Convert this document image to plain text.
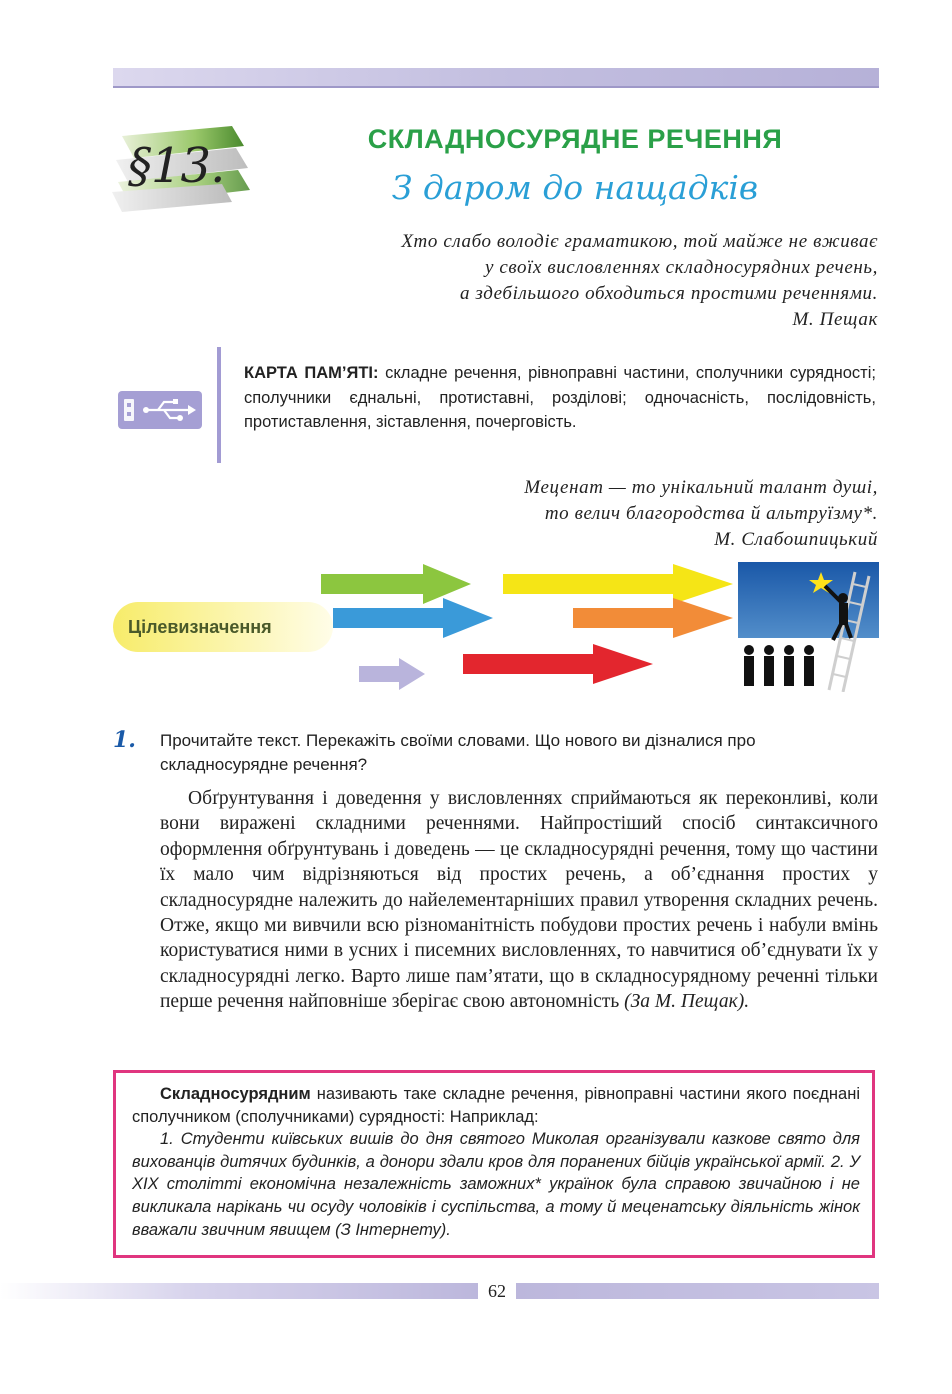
§13.	СКЛАДНОСУРЯДНЕ РЕЧЕННЯ
З даром до нащадків
Хто слабо володіє граматикою, той майже не вживає
у своїх висловленнях складносурядних речень,
а здебільшого обходиться простими реченнями.
М. Пещак
КАРТА ПАМ’ЯТІ: складне речення, рівноправні частини, сполучники сурядності; сполучники єднальні, протиставні, розділові; одночасність, послідовність, протиставлення, зіставлення, почерговість.
Меценат — то унікальний талант душі,
то велич благородства й альтруїзму*.
М. Слабошпицький
Цілевизначення
1. Прочитайте текст. Перекажіть своїми словами. Що нового ви дізналися про складносурядне речення?

Обґрунтування і доведення у висловленнях сприймаються як переконливі, коли вони виражені складними реченнями. Найпростіший спосіб синтаксичного оформлення обґрунтувань і доведень — це складносурядні речення, тому що частини їх мало чим відрізняються від простих речень, а об’єднання простих у складносурядне належить до найелементарніших правил утворення складних речень. Отже, якщо ми вивчили всю різноманітність побудови простих речень і набули вмінь користуватися ними в усних і писемних висловленнях, то навчитися об’єднувати їх у складносурядні легко. Варто лише пам’ятати, що в складносурядному реченні тільки перше речення найповніше зберігає свою автономність (За М. Пещак).

Складносурядним називають таке складне речення, рівноправні частини якого поєднані сполучником (сполучниками) сурядності: Наприклад:

1. Студенти київських вишів до дня святого Миколая організували казкове свято для вихованців дитячих будинків, а донори здали кров для поранених бійців української армії. 2. У XIX столітті економічна незалежність заможних* українок була справою звичайною і не викликала нарікань чи осуду чоловіків і суспільства, а тому й меценатську діяльність жінок вважали звичним явищем (З Інтернету).

62
